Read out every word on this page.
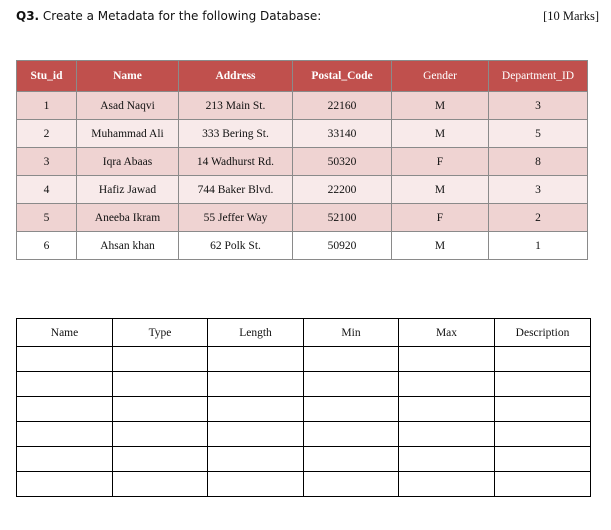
Q3. Create a Metadata for the following Database:	[10 Marks]
Stu_id	Name	Address	Postal_Code	Gender	Department_ID
1	Asad Naqvi	213 Main St.	22160	M	3
2	Muhammad Ali	333 Bering St.	33140	M	5
3	Iqra Abaas	14 Wadhurst Rd.	50320	F	8
4	Hafiz Jawad	744 Baker Blvd.	22200	M	3
5	Aneeba Ikram	55 Jeffer Way	52100	F	2
6	Ahsan khan	62 Polk St.	50920	M	1
Name	Type	Length	Min	Max	Description
